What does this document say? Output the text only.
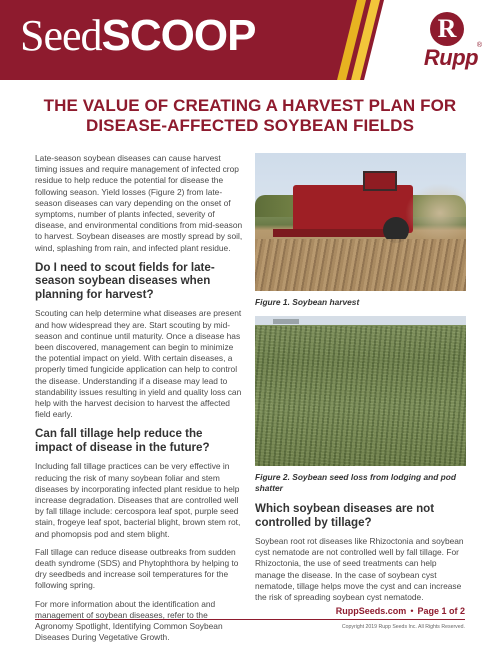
SeedSCOOP	R
Rupp
®
THE VALUE OF CREATING A HARVEST PLAN FOR DISEASE-AFFECTED SOYBEAN FIELDS

Late-season soybean diseases can cause harvest timing issues and require management of infected crop residue to help reduce the potential for disease the following season. Yield losses (Figure 2) from late-season diseases can vary depending on the onset of symptoms, number of plants infected, severity of disease, and environmental conditions from mid-season to harvest. Soybean diseases are mostly spread by soil, wind, splashing from rain, and infected plant residue.

Do I need to scout fields for late-season soybean diseases when planning for harvest?

Scouting can help determine what diseases are present and how widespread they are. Start scouting by mid-season and continue until maturity. Once a disease has been discovered, management can begin to minimize the potential impact on yield. With certain diseases, a properly timed fungicide application can help to control the disease. Understanding if a disease may lead to standability issues resulting in yield and quality loss can help with the harvest decision to harvest the affected field early.

Can fall tillage help reduce the impact of disease in the future?

Including fall tillage practices can be very effective in reducing the risk of many soybean foliar and stem diseases by incorporating infected plant residue to help increase degradation. Diseases that are controlled well by fall tillage include: cercospora leaf spot, purple seed stain, frogeye leaf spot, bacterial blight, brown stem rot, and phomopsis pod and stem blight.

Fall tillage can reduce disease outbreaks from sudden death syndrome (SDS) and Phytophthora by helping to dry seedbeds and increase soil temperatures for the following spring.

For more information about the identification and management of soybean diseases, refer to the Agronomy Spotlight, Identifying Common Soybean Diseases During Vegetative Growth.

Figure 1. Soybean harvest
Figure 2. Soybean seed loss from lodging and pod shatter
Which soybean diseases are not controlled by tillage?

Soybean root rot diseases like Rhizoctonia and soybean cyst nematode are not controlled well by fall tillage. For Rhizoctonia, the use of seed treatments can help manage the disease. In the case of soybean cyst nematode, tillage helps move the cyst and can increase the risk of spreading soybean cyst nematode.

RuppSeeds.com • Page 1 of 2
Copyright 2019 Rupp Seeds Inc. All Rights Reserved.
